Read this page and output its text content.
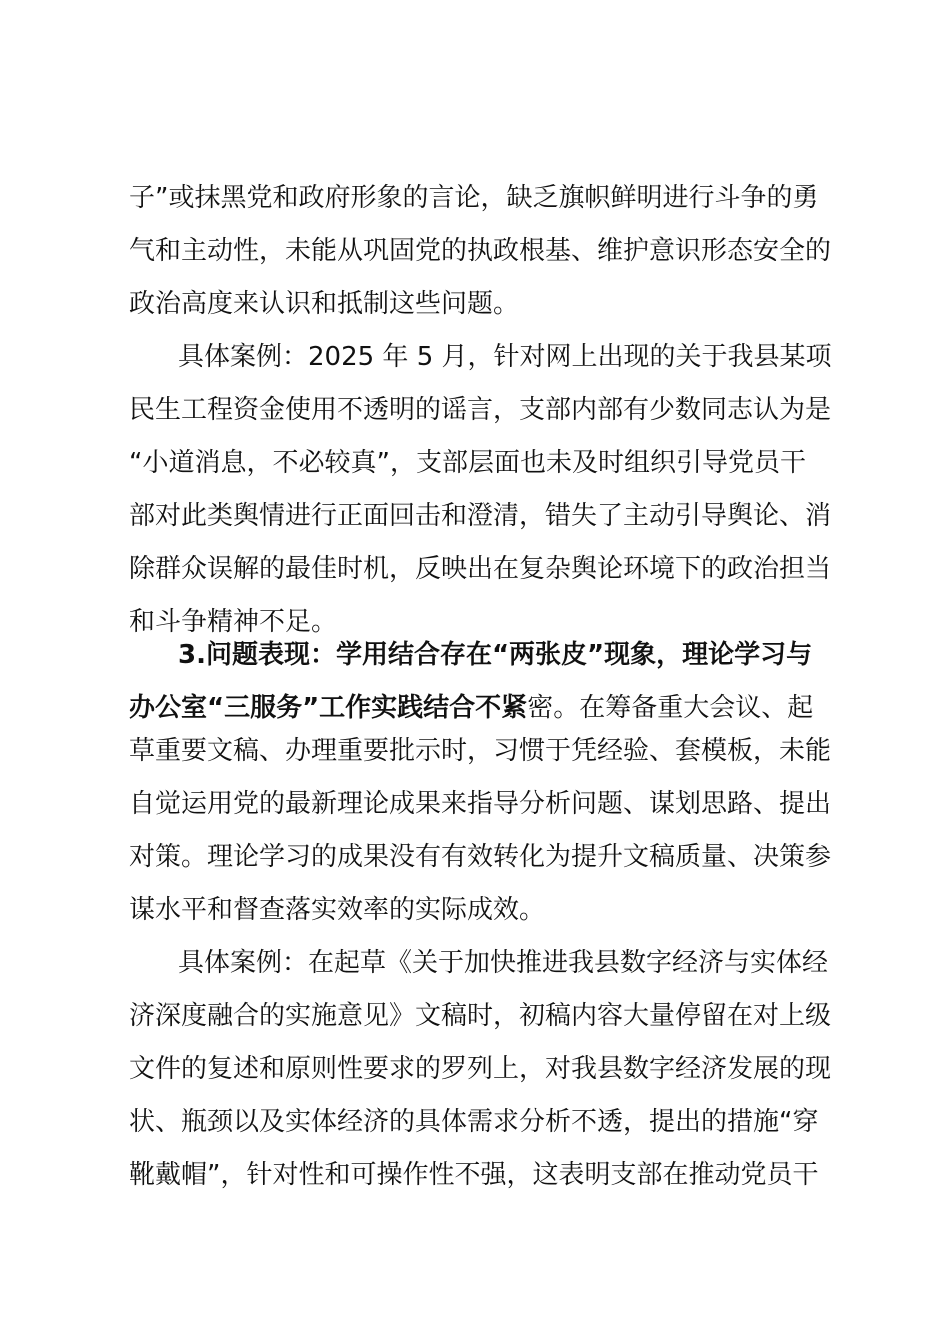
子”或抹黑党和政府形象的言论，缺乏旗帜鲜明进行斗争的勇
气和主动性，未能从巩固党的执政根基、维护意识形态安全的
政治高度来认识和抵制这些问题。
具体案例：2025 年 5 月，针对网上出现的关于我县某项
民生工程资金使用不透明的谣言，支部内部有少数同志认为是
“小道消息，不必较真”，支部层面也未及时组织引导党员干
部对此类舆情进行正面回击和澄清，错失了主动引导舆论、消
除群众误解的最佳时机，反映出在复杂舆论环境下的政治担当
和斗争精神不足。
3.问题表现：学用结合存在“两张皮”现象，理论学习与
办公室“三服务”工作实践结合不紧密。在筹备重大会议、起
草重要文稿、办理重要批示时，习惯于凭经验、套模板，未能
自觉运用党的最新理论成果来指导分析问题、谋划思路、提出
对策。理论学习的成果没有有效转化为提升文稿质量、决策参
谋水平和督查落实效率的实际成效。
具体案例：在起草《关于加快推进我县数字经济与实体经
济深度融合的实施意见》文稿时，初稿内容大量停留在对上级
文件的复述和原则性要求的罗列上，对我县数字经济发展的现
状、瓶颈以及实体经济的具体需求分析不透，提出的措施“穿
靴戴帽”，针对性和可操作性不强，这表明支部在推动党员干
